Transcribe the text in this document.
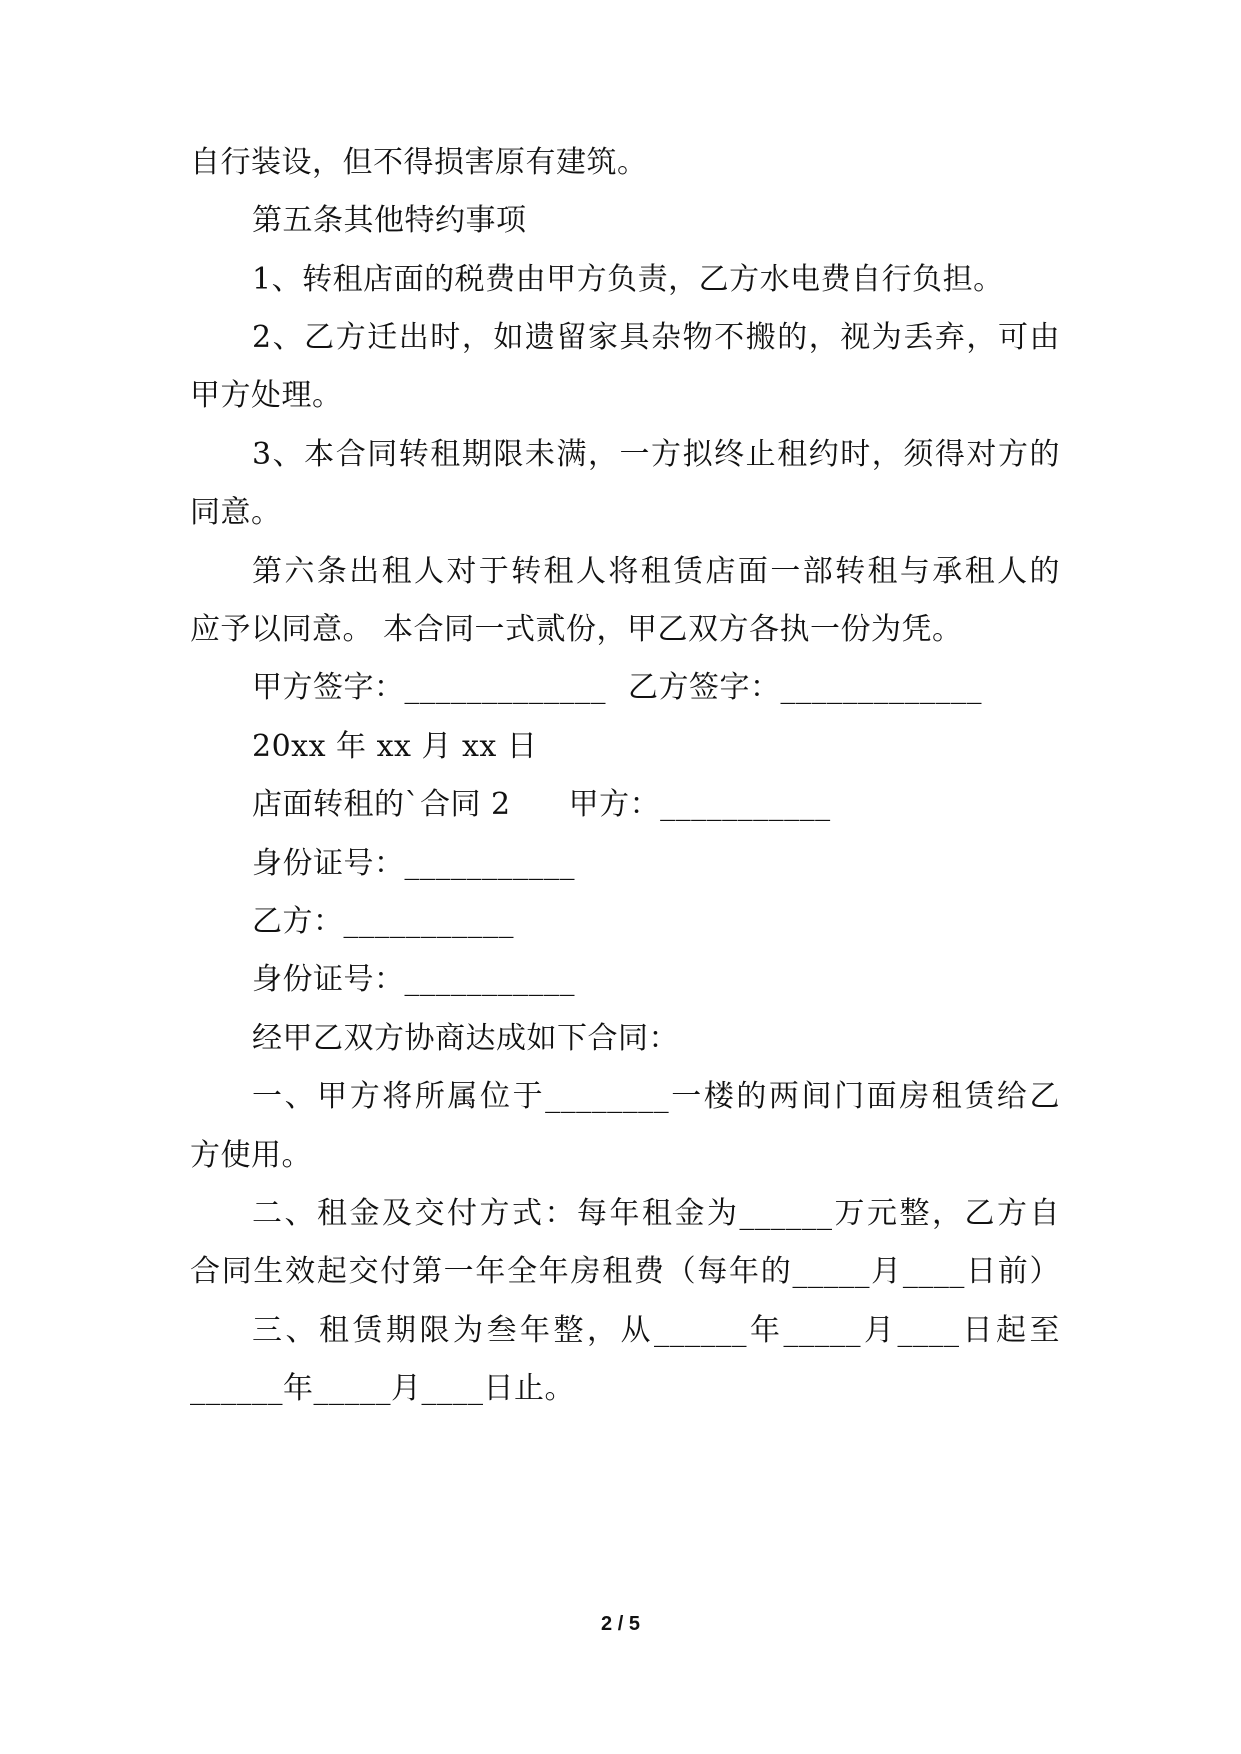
自行装设，但不得损害原有建筑。
第五条其他特约事项
1、转租店面的税费由甲方负责，乙方水电费自行负担。
2、乙方迁出时，如遗留家具杂物不搬的，视为丢弃，可由
甲方处理。
3、本合同转租期限未满，一方拟终止租约时，须得对方的
同意。
第六条出租人对于转租人将租赁店面一部转租与承租人的
应予以同意。 本合同一式贰份，甲乙双方各执一份为凭。
甲方签字：_____________ 乙方签字：_____________
20xx 年 xx 月 xx 日
店面转租的`合同 2 甲方：___________
身份证号：___________
乙方：___________
身份证号：___________
经甲乙双方协商达成如下合同：
一、甲方将所属位于________一楼的两间门面房租赁给乙
方使用。
二、租金及交付方式：每年租金为______万元整，乙方自
合同生效起交付第一年全年房租费（每年的_____月____日前）
三、租赁期限为叁年整，从______年_____月____日起至
______年_____月____日止。
2 / 5
